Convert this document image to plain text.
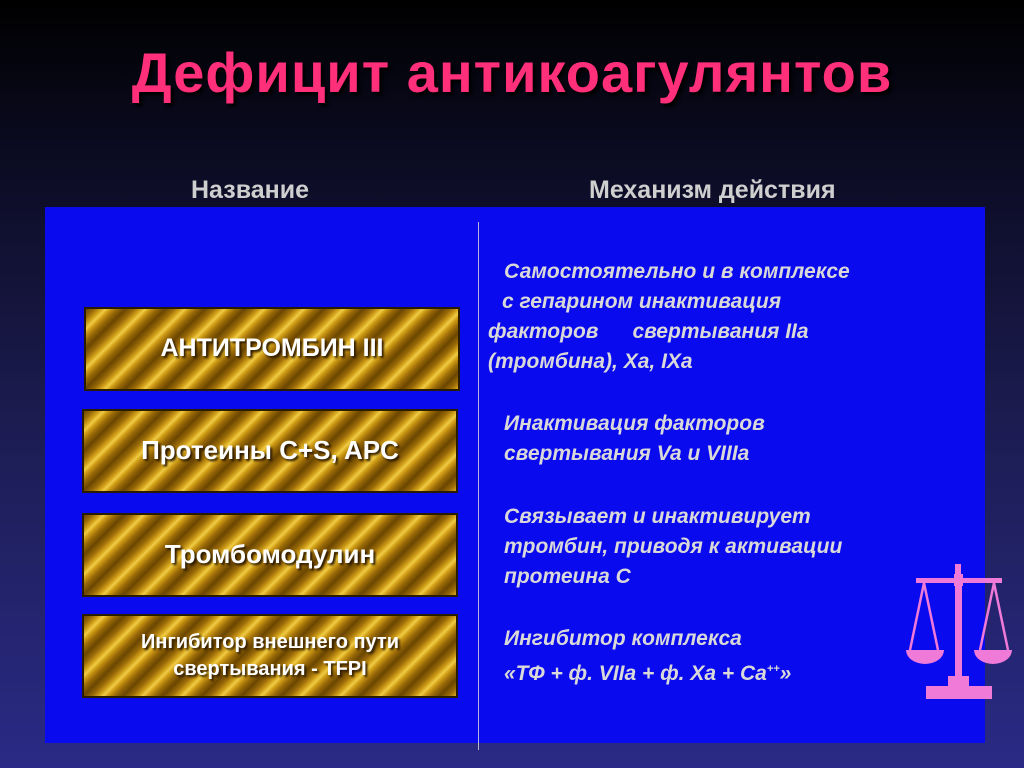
Дефицит антикоагулянтов
Название	Механизм действия
АНТИТРОМБИН III
Протеины С+S, APC
Тромбомодулин
Ингибитор внешнего пути
свертывания - TFPI
Самостоятельно и в комплексе
с гепарином инактивация
факторов свертывания IIa
(тромбина), Xa, IXa
Инактивация факторов
свертывания Va и VIIIa
Связывает и инактивирует
тромбин, приводя к активации
протеина С
Ингибитор комплекса
«ТФ + ф. VIIa + ф. Xa + Ca++»
